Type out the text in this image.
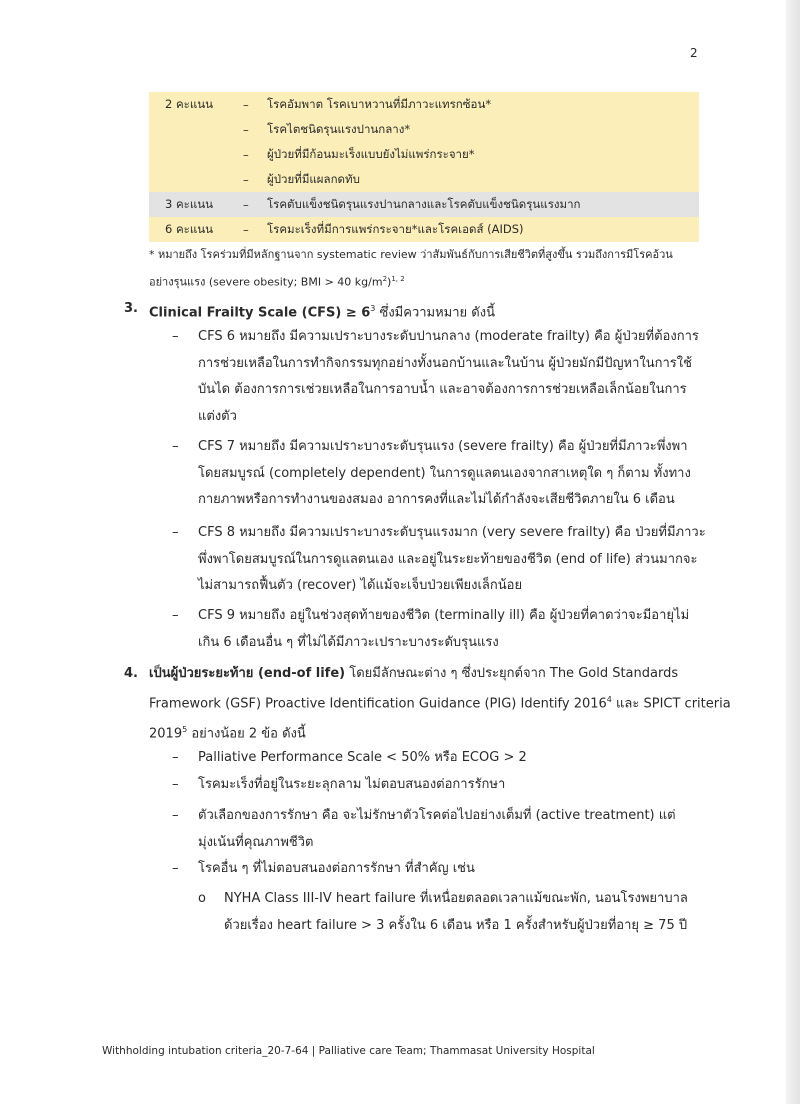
2
2 คะแนน	–	โรคอัมพาต โรคเบาหวานที่มีภาวะแทรกซ้อน*
–	โรคไตชนิดรุนแรงปานกลาง*
–	ผู้ป่วยที่มีก้อนมะเร็งแบบยังไม่แพร่กระจาย*
–	ผู้ป่วยที่มีแผลกดทับ
3 คะแนน	–	โรคตับแข็งชนิดรุนแรงปานกลางและโรคตับแข็งชนิดรุนแรงมาก
6 คะแนน	–	โรคมะเร็งที่มีการแพร่กระจาย*และโรคเอดส์ (AIDS)
* หมายถึง โรคร่วมที่มีหลักฐานจาก systematic review ว่าสัมพันธ์กับการเสียชีวิตที่สูงขึ้น รวมถึงการมีโรคอ้วน
อย่างรุนแรง (severe obesity; BMI > 40 $kg/m^2)^{1, 2}$
3. Clinical Frailty Scale $(CFS) \ge 6^3$ ซึ่งมีความหมาย ดังนี้
– CFS 6 หมายถึง มีความเปราะบางระดับปานกลาง (moderate frailty) คือ ผู้ป่วยที่ต้องการ
การช่วยเหลือในการทำกิจกรรมทุกอย่างทั้งนอกบ้านและในบ้าน ผู้ป่วยมักมีปัญหาในการใช้
บันได ต้องการการเช่วยเหลือในการอาบน้ำ และอาจต้องการการช่วยเหลือเล็กน้อยในการ
แต่งตัว
– CFS 7 หมายถึง มีความเปราะบางระดับรุนแรง (severe frailty) คือ ผู้ป่วยที่มีภาวะพึ่งพา
โดยสมบูรณ์ (completely dependent) ในการดูแลตนเองจากสาเหตุใด ๆ ก็ตาม ทั้งทาง
กายภาพหรือการทำงานของสมอง อาการคงที่และไม่ได้กำลังจะเสียชีวิตภายใน 6 เดือน
– CFS 8 หมายถึง มีความเปราะบางระดับรุนแรงมาก (very severe frailty) คือ ป่วยที่มีภาวะ
พึ่งพาโดยสมบูรณ์ในการดูแลตนเอง และอยู่ในระยะท้ายของชีวิต (end of life) ส่วนมากจะ
ไม่สามารถฟื้นตัว (recover) ได้แม้จะเจ็บป่วยเพียงเล็กน้อย
– CFS 9 หมายถึง อยู่ในช่วงสุดท้ายของชีวิต (terminally ill) คือ ผู้ป่วยที่คาดว่าจะมีอายุไม่
เกิน 6 เดือนอื่น ๆ ที่ไม่ได้มีภาวะเปราะบางระดับรุนแรง
4. เป็นผู้ป่วยระยะท้าย (end-of life) โดยมีลักษณะต่าง ๆ ซึ่งประยุกต์จาก The Gold Standards
Framework (GSF) Proactive Identification Guidance (PIG) Identify 2016$^4$ และ SPICT criteria
2019$^5$ อย่างน้อย 2 ข้อ ดังนี้
– Palliative Performance Scale < 50% หรือ ECOG > 2
– โรคมะเร็งที่อยู่ในระยะลุกลาม ไม่ตอบสนองต่อการรักษา
– ตัวเลือกของการรักษา คือ จะไม่รักษาตัวโรคต่อไปอย่างเต็มที่ (active treatment) แต่
มุ่งเน้นที่คุณภาพชีวิต
– โรคอื่น ๆ ที่ไม่ตอบสนองต่อการรักษา ที่สำคัญ เช่น
o NYHA Class III-IV heart failure ที่เหนื่อยตลอดเวลาแม้ขณะพัก, นอนโรงพยาบาล
ด้วยเรื่อง heart failure > 3 ครั้งใน 6 เดือน หรือ 1 ครั้งสำหรับผู้ป่วยที่อายุ ≥ 75 ปี
Withholding intubation criteria_20-7-64 | Palliative care Team; Thammasat University Hospital
